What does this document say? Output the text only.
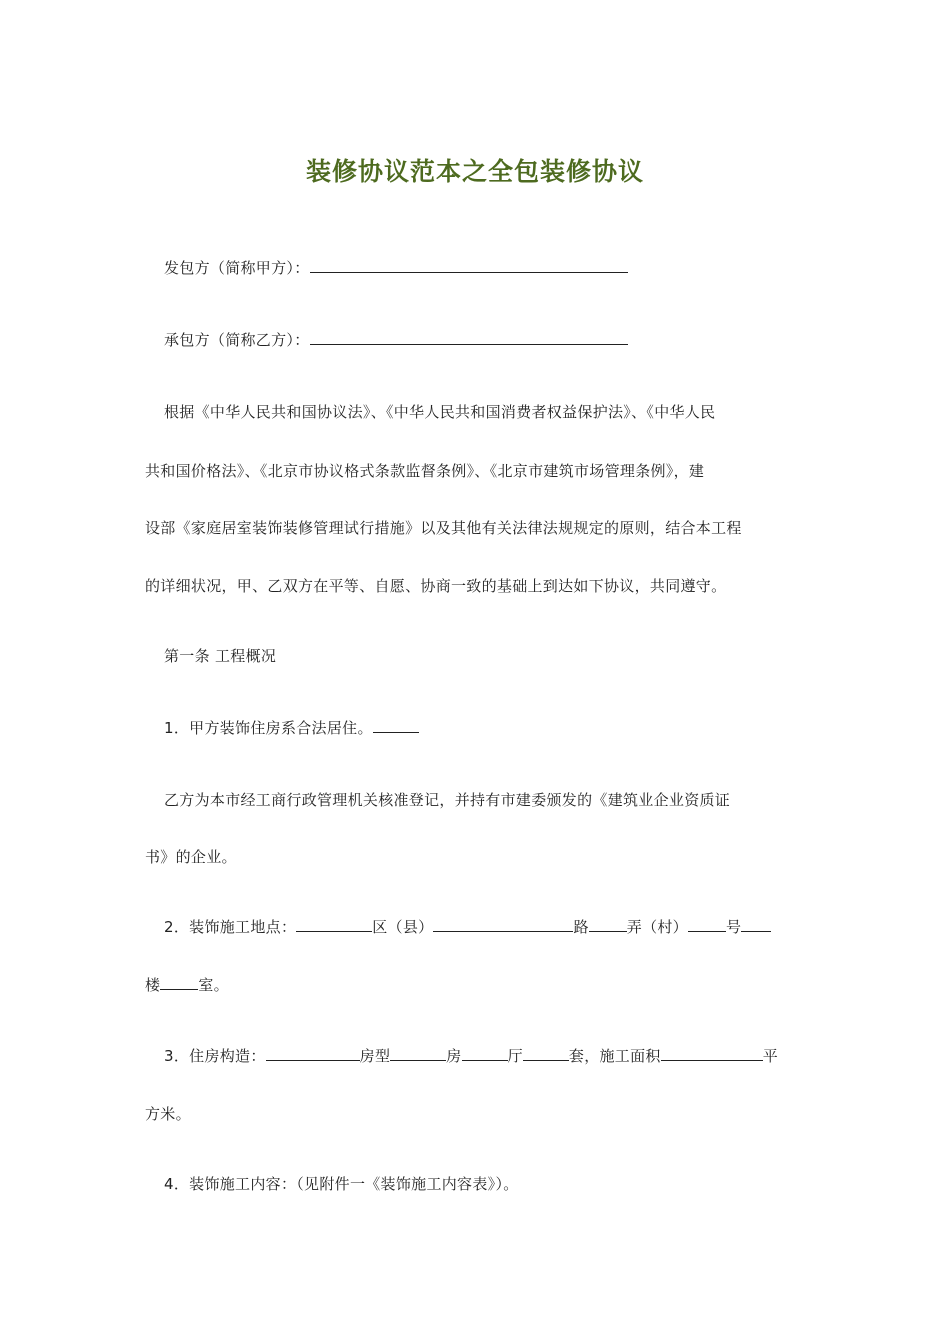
装修协议范本之全包装修协议
发包方（简称甲方）：
承包方（简称乙方）：
根据《中华人民共和国协议法》、《中华人民共和国消费者权益保护法》、《中华人民
共和国价格法》、《北京市协议格式条款监督条例》、《北京市建筑市场管理条例》，建
设部《家庭居室装饰装修管理试行措施》以及其他有关法律法规规定的原则，结合本工程
的详细状况，甲、乙双方在平等、自愿、协商一致的基础上到达如下协议，共同遵守。
第一条 工程概况
1．甲方装饰住房系合法居住。
乙方为本市经工商行政管理机关核准登记，并持有市建委颁发的《建筑业企业资质证
书》的企业。
2．装饰施工地点：	区（县）	路	弄（村）	号
楼	室。
3．住房构造：	房型	房	厅	套，施工面积	平
方米。
4．装饰施工内容：（见附件一《装饰施工内容表》）。
